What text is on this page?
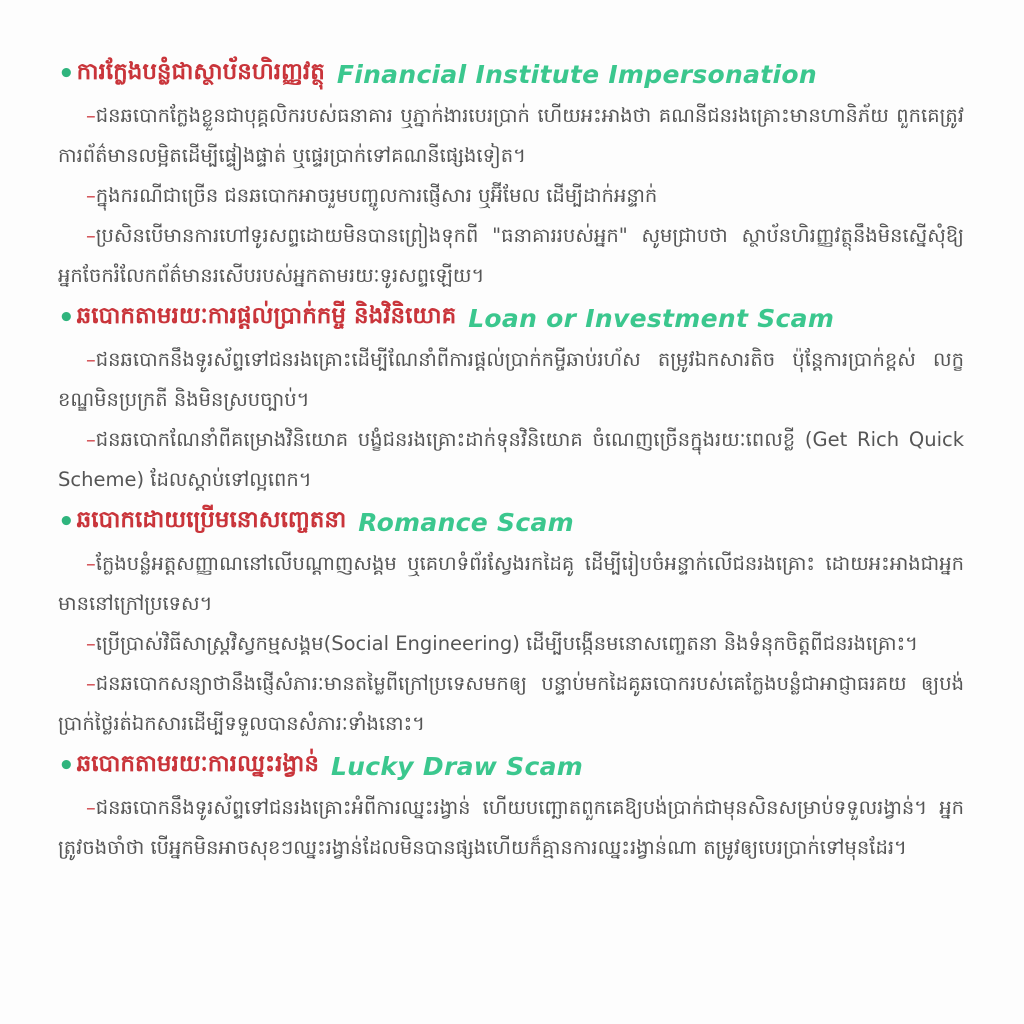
• ការក្លែងបន្លំជាស្ថាប័នហិរញ្ញវត្ថុ Financial Institute Impersonation

–ជនឆបោកក្លែងខ្លួនជាបុគ្គលិករបស់ធនាគារ ឬភ្នាក់ងារបេរប្រាក់ ហើយអះអាងថា គណនីជនរងគ្រោះមានហានិភ័យ ពួកគេត្រូវការព័ត៌មានលម្អិតដើម្បីផ្ទៀងផ្ទាត់ ឬផ្ទេរប្រាក់ទៅគណនីផ្សេងទៀត។

–ក្នុងករណីជាច្រើន ជនឆបោកអាចរួមបញ្ចូលការផ្ញើសារ ឬអ៊ីមែល ដើម្បីដាក់អន្ទាក់

–ប្រសិនបើមានការហៅទូរសព្ទដោយមិនបានព្រៀងទុកពី "ធនាគាររបស់អ្នក" សូមជ្រាបថា ស្ថាប័នហិរញ្ញវត្ថុនឹងមិនស្នើសុំឱ្យអ្នកចែករំលែកព័ត៌មានរសើបរបស់អ្នកតាមរយៈទូរសព្ទឡើយ។

• ឆបោកតាមរយៈការផ្តល់ប្រាក់កម្ចី និងវិនិយោគ Loan or Investment Scam

–ជនឆបោកនឹងទូរស័ព្ទទៅជនរងគ្រោះដើម្បីណែនាំពីការផ្តល់ប្រាក់កម្ចីឆាប់រហ័ស តម្រូវឯកសារតិច ប៉ុន្តែការប្រាក់ខ្ពស់ លក្ខខណ្ឌមិនប្រក្រតី និងមិនស្របច្បាប់។

–ជនឆបោកណែនាំពីគម្រោងវិនិយោគ បង្ខំជនរងគ្រោះដាក់ទុនវិនិយោគ ចំណេញច្រើនក្នុងរយៈពេលខ្លី (Get Rich Quick Scheme) ដែលស្តាប់ទៅល្អពេក។

• ឆបោកដោយប្រើមនោសញ្ចេតនា Romance Scam

–ក្លែងបន្លំអត្តសញ្ញាណនៅលើបណ្តាញសង្គម ឬគេហទំព័រស្វែងរកដៃគូ ដើម្បីរៀបចំអន្ទាក់លើជនរងគ្រោះ ដោយអះអាងជាអ្នកមាននៅក្រៅប្រទេស។

–ប្រើប្រាស់វិធីសាស្ត្រវិស្វកម្មសង្គម(Social Engineering) ដើម្បីបង្កើនមនោសញ្ចេតនា និងទំនុកចិត្តពីជនរងគ្រោះ។

–ជនឆបោកសន្យាថានឹងផ្ញើសំភារៈមានតម្លៃពីក្រៅប្រទេសមកឲ្យ បន្ទាប់មកដៃគូឆបោករបស់គេក្លែងបន្លំជាអាជ្ញាធរគយ ឲ្យបង់ប្រាក់ថ្លៃរត់ឯកសារដើម្បីទទួលបានសំភារៈទាំងនោះ។

• ឆបោកតាមរយៈការឈ្នះរង្វាន់ Lucky Draw Scam

–ជនឆបោកនឹងទូរស័ព្ទទៅជនរងគ្រោះអំពីការឈ្នះរង្វាន់ ហើយបញ្ឆោតពួកគេឱ្យបង់ប្រាក់ជាមុនសិនសម្រាប់ទទួលរង្វាន់។ អ្នកត្រូវចងចាំថា បើអ្នកមិនអាចសុខៗឈ្នះរង្វាន់ដែលមិនបានផ្សងហើយក៏គ្មានការឈ្នះរង្វាន់ណា តម្រូវឲ្យបេរប្រាក់ទៅមុនដែរ។
